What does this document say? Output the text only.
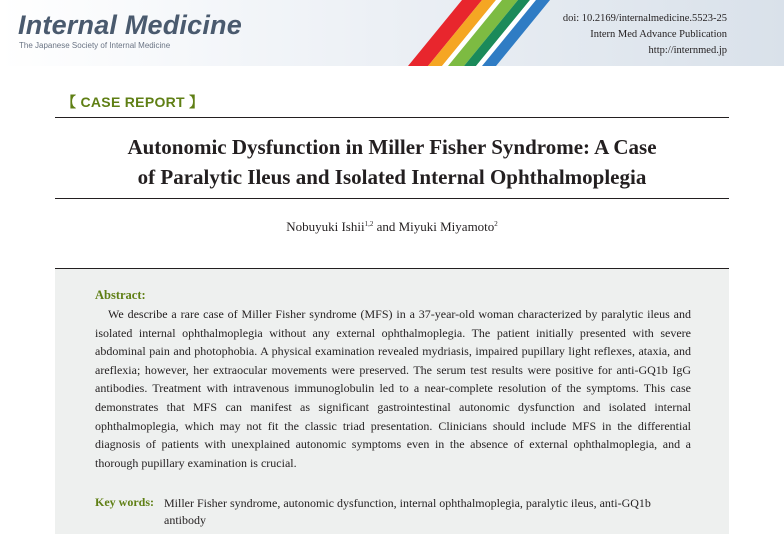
Internal Medicine
The Japanese Society of Internal Medicine
doi: 10.2169/internalmedicine.5523-25
Intern Med Advance Publication
http://internmed.jp
【 CASE REPORT 】
Autonomic Dysfunction in Miller Fisher Syndrome: A Case
of Paralytic Ileus and Isolated Internal Ophthalmoplegia
Nobuyuki Ishii$^{1,2}$ and Miyuki Miyamoto$^2$
Abstract:

We describe a rare case of Miller Fisher syndrome (MFS) in a 37-year-old woman characterized by paralytic ileus and isolated internal ophthalmoplegia without any external ophthalmoplegia. The patient initially presented with severe abdominal pain and photophobia. A physical examination revealed mydriasis, impaired pupillary light reflexes, ataxia, and areflexia; however, her extraocular movements were preserved. The serum test results were positive for anti-GQ1b IgG antibodies. Treatment with intravenous immunoglobulin led to a near-complete resolution of the symptoms. This case demonstrates that MFS can manifest as significant gastrointestinal autonomic dysfunction and isolated internal ophthalmoplegia, which may not fit the classic triad presentation. Clinicians should include MFS in the differential diagnosis of patients with unexplained autonomic symptoms even in the absence of external ophthalmoplegia, and a thorough pupillary examination is crucial.

Key words: Miller Fisher syndrome, autonomic dysfunction, internal ophthalmoplegia, paralytic ileus, anti-GQ1b antibody
